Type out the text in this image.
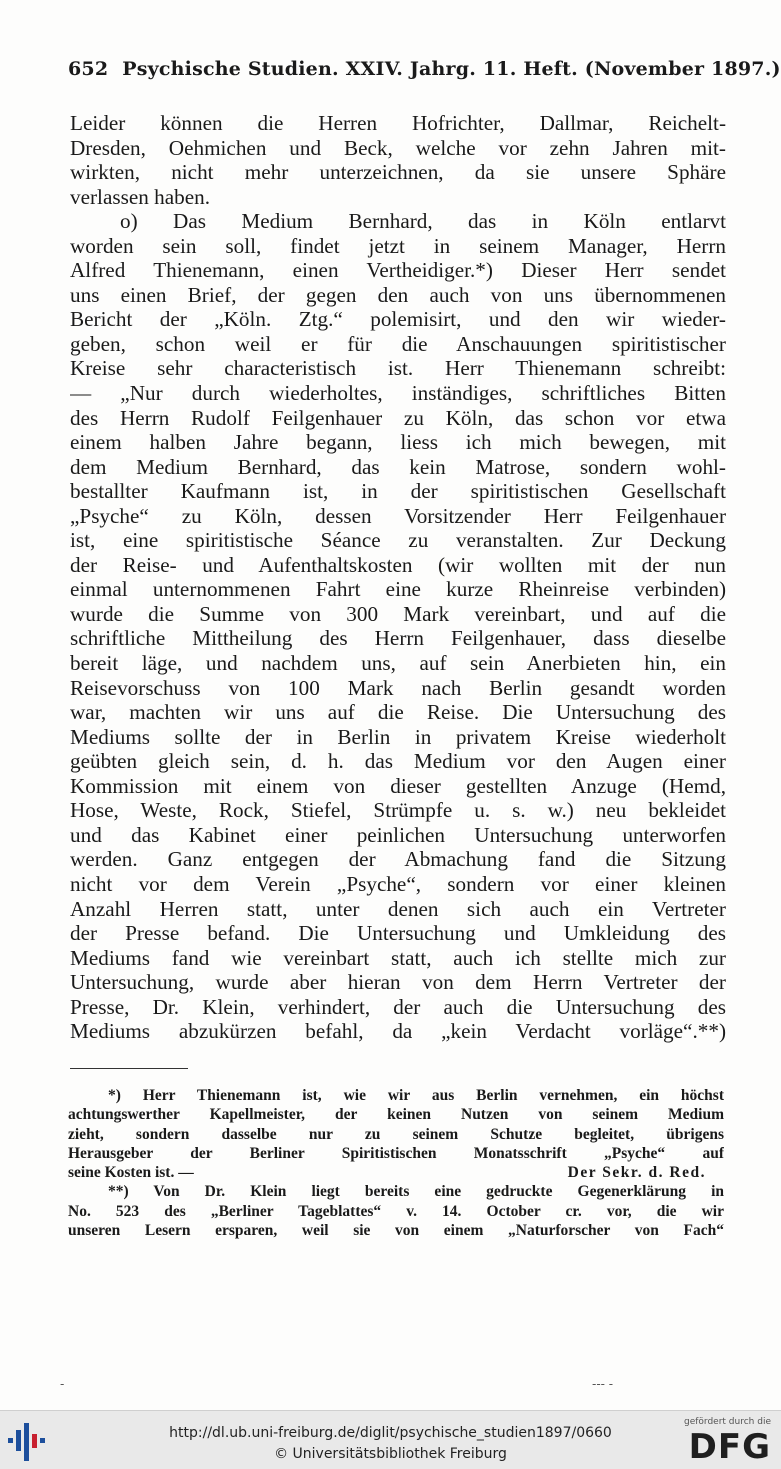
652 Psychische Studien. XXIV. Jahrg. 11. Heft. (November 1897.)
Leider können die Herren Hofrichter, Dallmar, Reichelt-
Dresden, Oehmichen und Beck, welche vor zehn Jahren mit-
wirkten, nicht mehr unterzeichnen, da sie unsere Sphäre
verlassen haben.
o) Das Medium Bernhard, das in Köln entlarvt
worden sein soll, findet jetzt in seinem Manager, Herrn
Alfred Thienemann, einen Vertheidiger.*) Dieser Herr sendet
uns einen Brief, der gegen den auch von uns übernommenen
Bericht der „Köln. Ztg.“ polemisirt, und den wir wieder-
geben, schon weil er für die Anschauungen spiritistischer
Kreise sehr characteristisch ist. Herr Thienemann schreibt:
— „Nur durch wiederholtes, inständiges, schriftliches Bitten
des Herrn Rudolf Feilgenhauer zu Köln, das schon vor etwa
einem halben Jahre begann, liess ich mich bewegen, mit
dem Medium Bernhard, das kein Matrose, sondern wohl-
bestallter Kaufmann ist, in der spiritistischen Gesellschaft
„Psyche“ zu Köln, dessen Vorsitzender Herr Feilgenhauer
ist, eine spiritistische Séance zu veranstalten. Zur Deckung
der Reise- und Aufenthaltskosten (wir wollten mit der nun
einmal unternommenen Fahrt eine kurze Rheinreise verbinden)
wurde die Summe von 300 Mark vereinbart, und auf die
schriftliche Mittheilung des Herrn Feilgenhauer, dass dieselbe
bereit läge, und nachdem uns, auf sein Anerbieten hin, ein
Reisevorschuss von 100 Mark nach Berlin gesandt worden
war, machten wir uns auf die Reise. Die Untersuchung des
Mediums sollte der in Berlin in privatem Kreise wiederholt
geübten gleich sein, d. h. das Medium vor den Augen einer
Kommission mit einem von dieser gestellten Anzuge (Hemd,
Hose, Weste, Rock, Stiefel, Strümpfe u. s. w.) neu bekleidet
und das Kabinet einer peinlichen Untersuchung unterworfen
werden. Ganz entgegen der Abmachung fand die Sitzung
nicht vor dem Verein „Psyche“, sondern vor einer kleinen
Anzahl Herren statt, unter denen sich auch ein Vertreter
der Presse befand. Die Untersuchung und Umkleidung des
Mediums fand wie vereinbart statt, auch ich stellte mich zur
Untersuchung, wurde aber hieran von dem Herrn Vertreter der
Presse, Dr. Klein, verhindert, der auch die Untersuchung des
Mediums abzukürzen befahl, da „kein Verdacht vorläge“.**)
*) Herr Thienemann ist, wie wir aus Berlin vernehmen, ein höchst
achtungswerther Kapellmeister, der keinen Nutzen von seinem Medium
zieht, sondern dasselbe nur zu seinem Schutze begleitet, übrigens
Herausgeber der Berliner Spiritistischen Monatsschrift „Psyche“ auf
seine Kosten ist. —	Der Sekr. d. Red.
**) Von Dr. Klein liegt bereits eine gedruckte Gegenerklärung in
No. 523 des „Berliner Tageblattes“ v. 14. October cr. vor, die wir
unseren Lesern ersparen, weil sie von einem „Naturforscher von Fach“
-	--- -
http://dl.ub.uni-freiburg.de/diglit/psychische_studien1897/0660
© Universitätsbibliothek Freiburg
gefördert durch die
DFG
